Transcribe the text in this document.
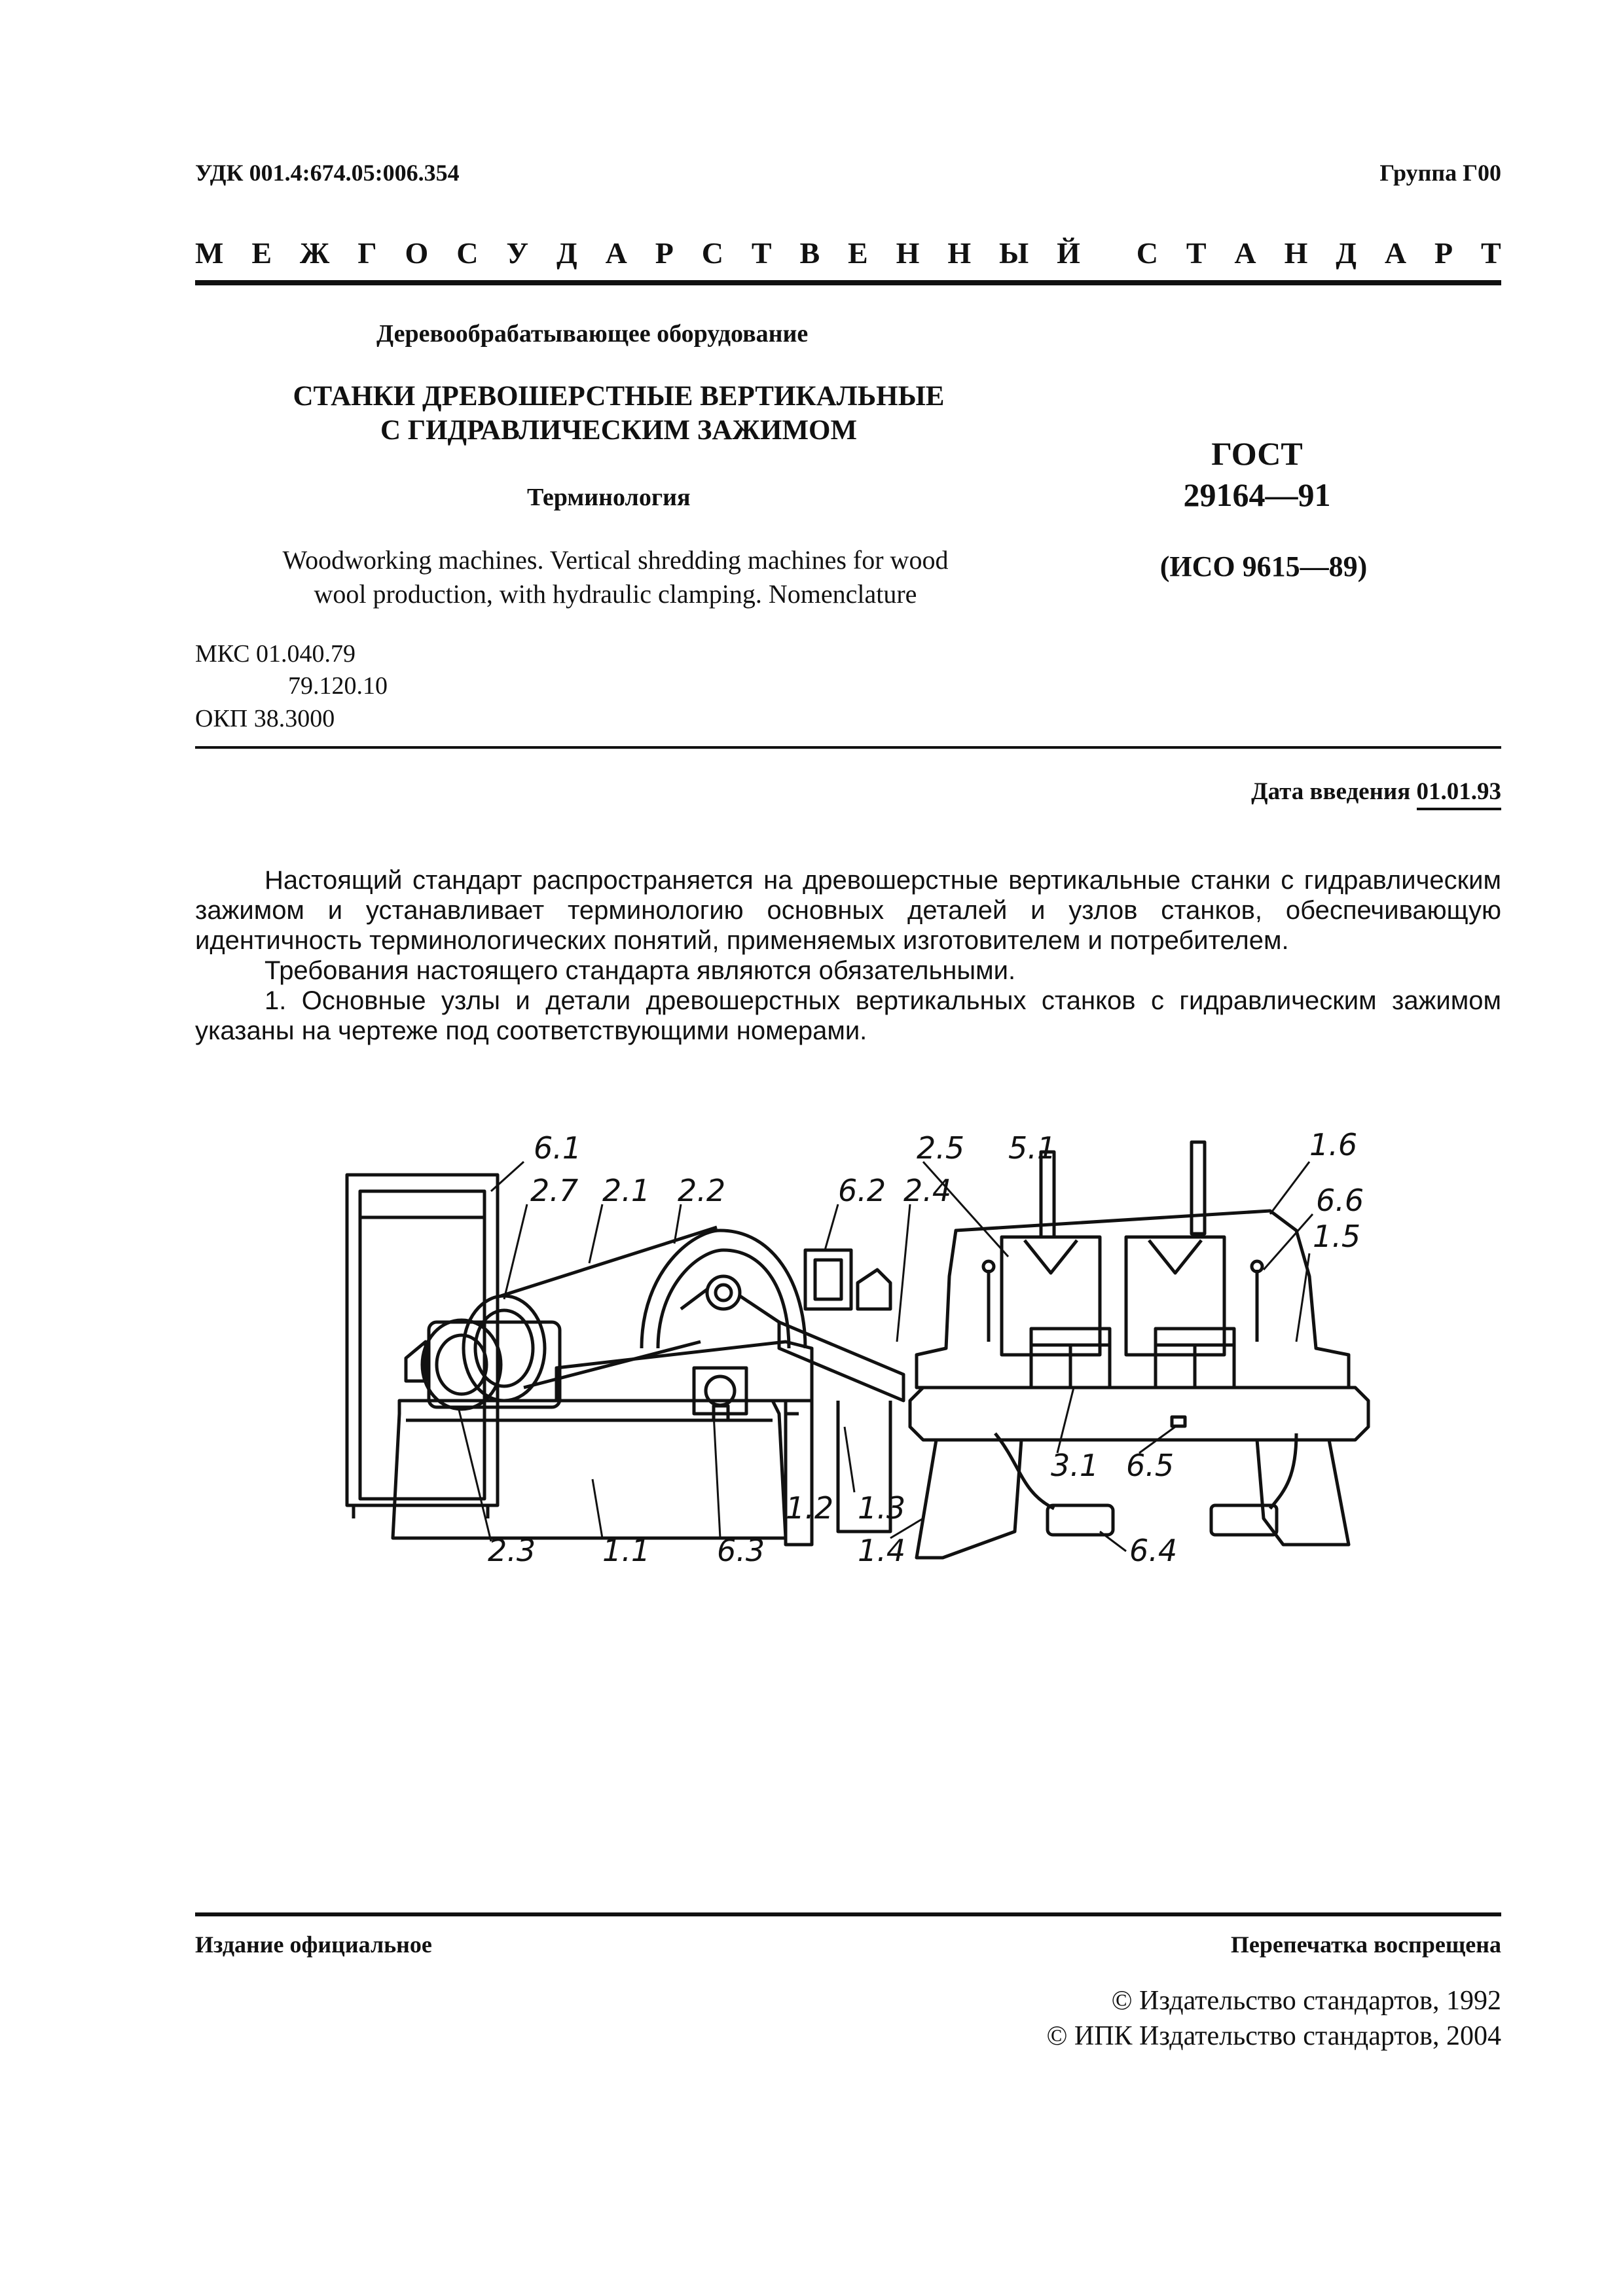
УДК 001.4:674.05:006.354	Группа Г00
М Е Ж Г О С У Д А Р С Т В Е Н Н Ы Й С Т А Н Д А Р Т
Деревообрабатывающее оборудование
СТАНКИ ДРЕВОШЕРСТНЫЕ ВЕРТИКАЛЬНЫЕ
С ГИДРАВЛИЧЕСКИМ ЗАЖИМОМ
Терминология
Woodworking machines. Vertical shredding machines for wood
wool production, with hydraulic clamping. Nomenclature
ГОСТ
29164—91
(ИСО 9615—89)
МКС 01.040.79
79.120.10
ОКП 38.3000
Дата введения 01.01.93

Настоящий стандарт распространяется на древошерстные вертикальные станки с гидравлическим зажимом и устанавливает терминологию основных деталей и узлов станков, обеспечивающую идентичность терминологических понятий, применяемых изготовителем и потребителем.

Требования настоящего стандарта являются обязательными.

1. Основные узлы и детали древошерстных вертикальных станков с гидравлическим зажимом указаны на чертеже под соответствующими номерами.

6.1
2.7 2.1 2.2	6.2
2.5 5.1
2.4
1.6
6.6
1.5
3.1 6.5
1.2 1.3
1.4	6.4
2.3 1.1 6.3
Издание официальное	Перепечатка воспрещена
© Издательство стандартов, 1992
© ИПК Издательство стандартов, 2004
